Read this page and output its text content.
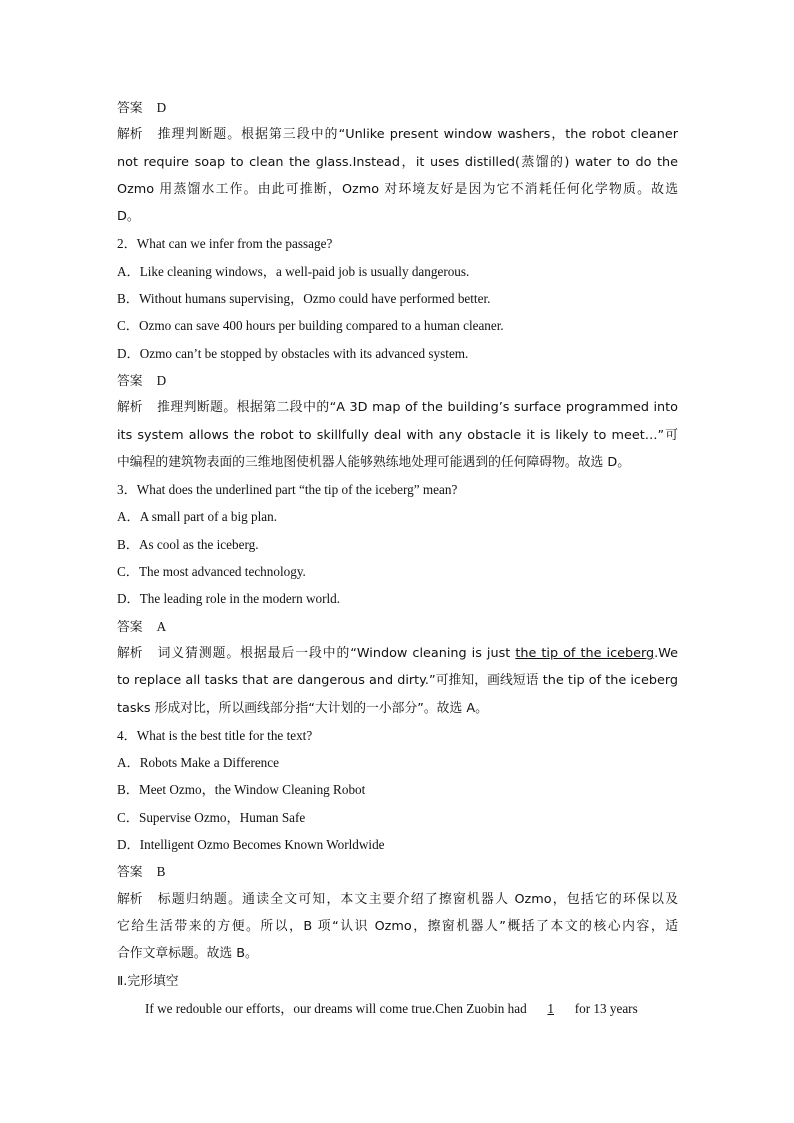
答案 D
解析 推理判断题。根据第三段中的“Unlike present window washers，the robot cleaner
not require soap to clean the glass.Instead，it uses distilled(蒸馏的) water to do the
Ozmo 用蒸馏水工作。由此可推断，Ozmo 对环境友好是因为它不消耗任何化学物质。故选
D。
2．What can we infer from the passage?
A．Like cleaning windows，a well-paid job is usually dangerous.
B．Without humans supervising，Ozmo could have performed better.
C．Ozmo can save 400 hours per building compared to a human cleaner.
D．Ozmo can’t be stopped by obstacles with its advanced system.
答案 D
解析 推理判断题。根据第二段中的“A 3D map of the building’s surface programmed into
its system allows the robot to skillfully deal with any obstacle it is likely to meet…”可
中编程的建筑物表面的三维地图使机器人能够熟练地处理可能遇到的任何障碍物。故选 D。
3．What does the underlined part “the tip of the iceberg” mean?
A．A small part of a big plan.
B．As cool as the iceberg.
C．The most advanced technology.
D．The leading role in the modern world.
答案 A
解析 词义猜测题。根据最后一段中的“Window cleaning is just the tip of the iceberg.We
to replace all tasks that are dangerous and dirty.”可推知，画线短语 the tip of the iceberg
tasks 形成对比，所以画线部分指“大计划的一小部分”。故选 A。
4．What is the best title for the text?
A．Robots Make a Difference
B．Meet Ozmo，the Window Cleaning Robot
C．Supervise Ozmo，Human Safe
D．Intelligent Ozmo Becomes Known Worldwide
答案 B
解析 标题归纳题。通读全文可知，本文主要介绍了擦窗机器人 Ozmo，包括它的环保以及
它给生活带来的方便。所以，B 项“认识 Ozmo，擦窗机器人”概括了本文的核心内容，适
合作文章标题。故选 B。
Ⅱ.完形填空
If we redouble our efforts，our dreams will come true.Chen Zuobin had 1 for 13 years
